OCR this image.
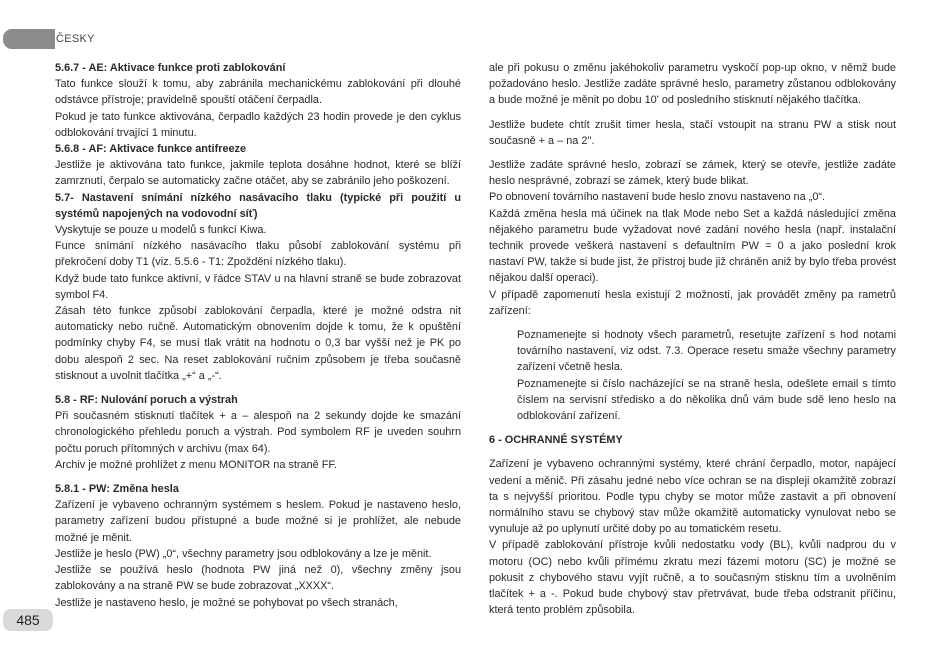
ČESKY

5.6.7 - AE: Aktivace funkce proti zablokování

Tato funkce slouží k tomu, aby zabránila mechanickému zablokování při dlouhé odstávce přístroje; pravidelně spouští otáčení čerpadla.

Pokud je tato funkce aktivována, čerpadlo každých 23 hodin provede je den cyklus odblokování trvající 1 minutu.

5.6.8 - AF: Aktivace funkce antifreeze

Jestliže je aktivována tato funkce, jakmile teplota dosáhne hodnot, které se blíží zamrznutí, čerpalo se automaticky začne otáčet, aby se zabránilo jeho poškození.

5.7- Nastavení snímání nízkého nasávacího tlaku (typické při použití u systémů napojených na vodovodní síť)

Vyskytuje se pouze u modelů s funkcí Kiwa.

Funce snímání nízkého nasávacího tlaku působí zablokování systému při překročení doby T1 (viz. 5.5.6 - T1: Zpoždění nízkého tlaku).

Když bude tato funkce aktivní, v řádce STAV u na hlavní straně se bude zobrazovat symbol F4.

Zásah této funkce způsobí zablokování čerpadla, které je možné odstra nit automaticky nebo ručně. Automatickým obnovením dojde k tomu, že k opuštění podmínky chyby F4, se musí tlak vrátit na hodnotu o 0,3 bar vyšší než je PK po dobu alespoň 2 sec. Na reset zablokování ručním způsobem je třeba současně stisknout a uvolnit tlačítka „+“ a „-“.

5.8 - RF: Nulování poruch a výstrah

Při současném stisknutí tlačítek + a – alespoň na 2 sekundy dojde ke smazání chronologického přehledu poruch a výstrah. Pod symbolem RF je uveden souhrn počtu poruch přítomných v archivu (max 64).

Archiv je možné prohlížet z menu MONITOR na straně FF.

5.8.1 - PW: Změna hesla

Zařízení je vybaveno ochranným systémem s heslem. Pokud je nastaveno heslo, parametry zařízení budou přístupné a bude možné si je prohlížet, ale nebude možné je měnit.

Jestliže je heslo (PW) „0“, všechny parametry jsou odblokovány a lze je měnit.

Jestliže se používá heslo (hodnota PW jiná než 0), všechny změny jsou zablokovány a na straně PW se bude zobrazovat „XXXX“.

Jestliže je nastaveno heslo, je možné se pohybovat po všech stranách,

ale při pokusu o změnu jakéhokoliv parametru vyskočí pop-up okno, v němž bude požadováno heslo. Jestliže zadáte správné heslo, parametry zůstanou odblokovány a bude možné je měnit po dobu 10' od posledního stisknutí nějakého tlačítka.

Jestliže budete chtít zrušit timer hesla, stačí vstoupit na stranu PW a stisk nout současně + a – na 2''.

Jestliže zadáte správné heslo, zobrazí se zámek, který se otevře, jestliže zadáte heslo nesprávné, zobrazí se zámek, který bude blikat.

Po obnovení továrního nastavení bude heslo znovu nastaveno na „0“.

Každá změna hesla má účinek na tlak Mode nebo Set a každá následující změna nějakého parametru bude vyžadovat nové zadání nového hesla (např. instalační technik provede veškerá nastavení s defaultním PW = 0 a jako poslední krok nastaví PW, takže si bude jist, že přístroj bude již chráněn aniž by bylo třeba provést nějakou další operaci).

V případě zapomenutí hesla existují 2 možnosti, jak provádět změny pa rametrů zařízení:

Poznamenejte si hodnoty všech parametrů, resetujte zařízení s hod notami továrního nastavení, viz odst. 7.3. Operace resetu smaže všechny parametry zařízení včetně hesla.

Poznamenejte si číslo nacházející se na straně hesla, odešlete email s tímto číslem na servisní středisko a do několika dnů vám bude sdě leno heslo na odblokování zařízení.

6 - OCHRANNÉ SYSTÉMY

Zařízení je vybaveno ochrannými systémy, které chrání čerpadlo, motor, napájecí vedení a měnič. Při zásahu jedné nebo více ochran se na displeji okamžitě zobrazí ta s nejvyšší prioritou. Podle typu chyby se motor může zastavit a při obnovení normálního stavu se chybový stav může okamžitě automaticky vynulovat nebo se vynuluje až po uplynutí určité doby po au tomatickém resetu.

V případě zablokování přístroje kvůli nedostatku vody (BL), kvůli nadprou du v motoru (OC) nebo kvůli přímému zkratu mezi fázemi motoru (SC) je možné se pokusit z chybového stavu vyjít ručně, a to současným stisknu tím a uvolněním tlačítek + a -. Pokud bude chybový stav přetrvávat, bude třeba odstranit příčinu, která tento problém způsobila.

485
